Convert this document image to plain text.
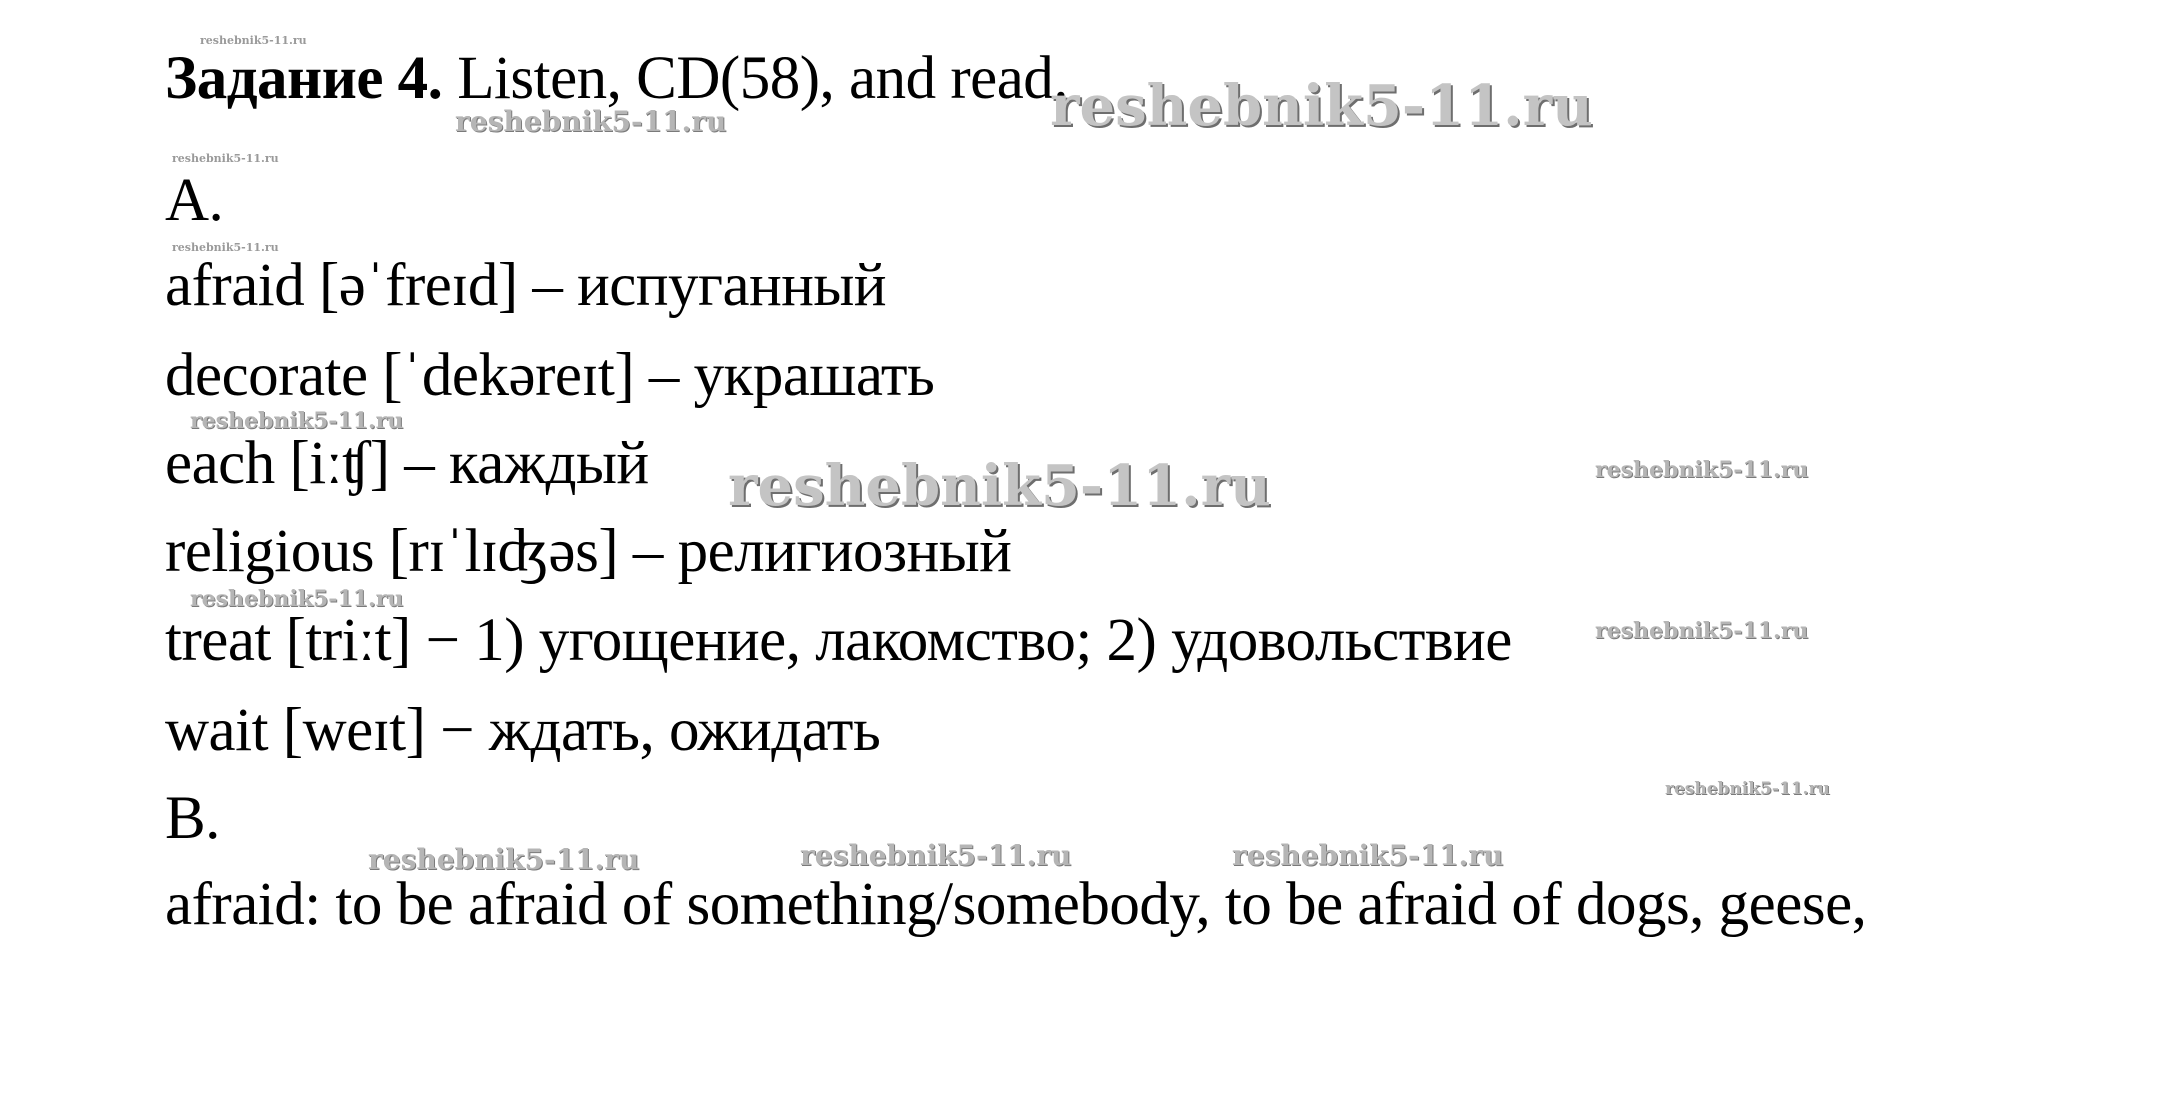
Задание 4. Listen, CD(58), and read.
A.
afraid [əˈfreɪd] – испуганный
decorate [ˈdekəreɪt] – украшать
each [iːʧ] – каждый
religious [rɪˈlɪʤəs] – религиозный
treat [triːt] − 1) угощение, лакомство; 2) удовольствие
wait [weɪt] − ждать, ожидать
B.
afraid: to be afraid of something/somebody, to be afraid of dogs, geese,
reshebnik5-11.ru
reshebnik5-11.ru
reshebnik5-11.ru
reshebnik5-11.ru
reshebnik5-11.ru
reshebnik5-11.ru
reshebnik5-11.ru
reshebnik5-11.ru
reshebnik5-11.ru
reshebnik5-11.ru
reshebnik5-11.ru
reshebnik5-11.ru	reshebnik5-11.ru	reshebnik5-11.ru
